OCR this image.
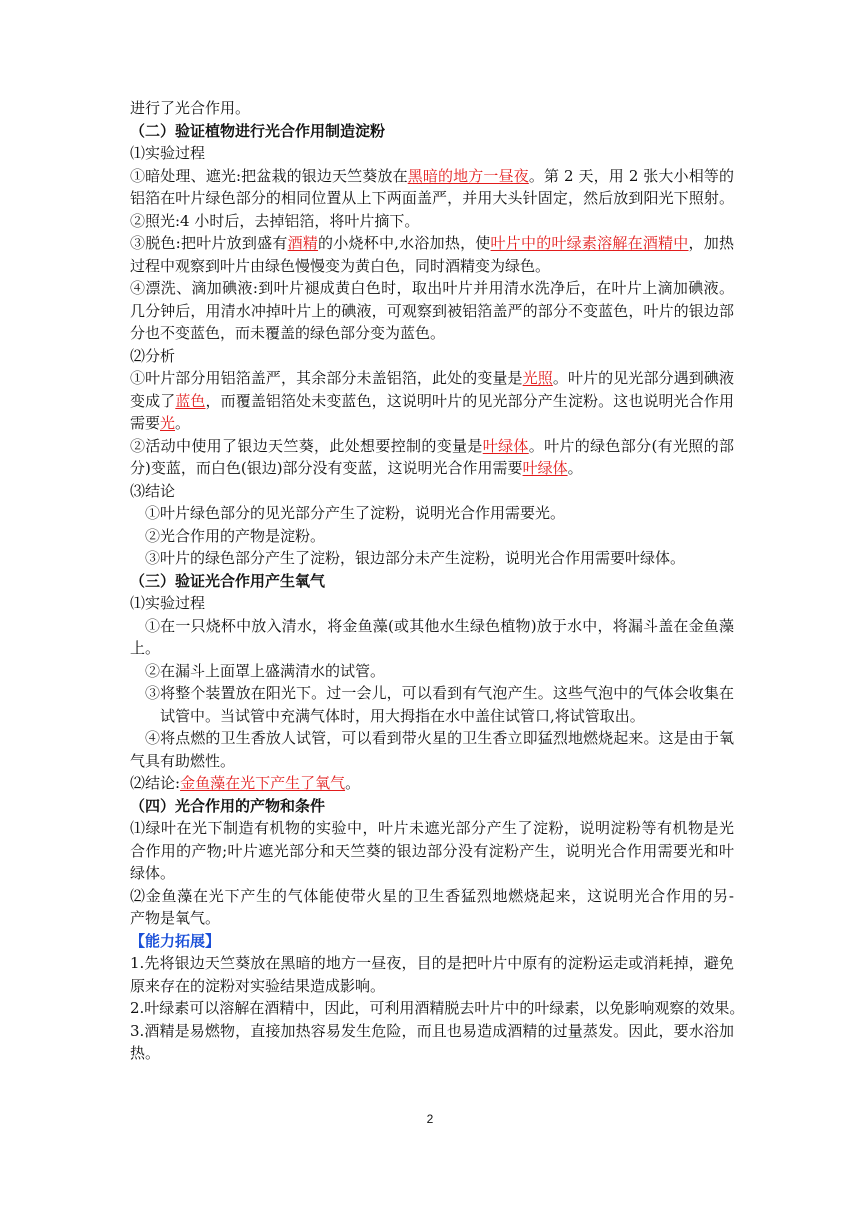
进行了光合作用。
（二）验证植物进行光合作用制造淀粉
⑴实验过程
①暗处理、遮光:把盆栽的银边天竺葵放在黑暗的地方一昼夜。第 2 天，用 2 张大小相等的
铝箔在叶片绿色部分的相同位置从上下两面盖严，并用大头针固定，然后放到阳光下照射。
②照光:4 小时后，去掉铝箔，将叶片摘下。
③脱色:把叶片放到盛有酒精的小烧杯中,水浴加热，使叶片中的叶绿素溶解在酒精中，加热
过程中观察到叶片由绿色慢慢变为黄白色，同时酒精变为绿色。
④漂洗、滴加碘液:到叶片褪成黄白色时，取出叶片并用清水洗净后，在叶片上滴加碘液。
几分钟后，用清水冲掉叶片上的碘液，可观察到被铝箔盖严的部分不变蓝色，叶片的银边部
分也不变蓝色，而未覆盖的绿色部分变为蓝色。
⑵分析
①叶片部分用铝箔盖严，其余部分未盖铝箔，此处的变量是光照。叶片的见光部分遇到碘液
变成了蓝色，而覆盖铝箔处未变蓝色，这说明叶片的见光部分产生淀粉。这也说明光合作用
需要光。
②活动中使用了银边天竺葵，此处想要控制的变量是叶绿体。叶片的绿色部分(有光照的部
分)变蓝，而白色(银边)部分没有变蓝，这说明光合作用需要叶绿体。
⑶结论
①叶片绿色部分的见光部分产生了淀粉，说明光合作用需要光。
②光合作用的产物是淀粉。
③叶片的绿色部分产生了淀粉，银边部分未产生淀粉，说明光合作用需要叶绿体。
（三）验证光合作用产生氧气
⑴实验过程
①在一只烧杯中放入清水，将金鱼藻(或其他水生绿色植物)放于水中，将漏斗盖在金鱼藻
上。
②在漏斗上面罩上盛满清水的试管。
③将整个装置放在阳光下。过一会儿，可以看到有气泡产生。这些气泡中的气体会收集在
试管中。当试管中充满气体时，用大拇指在水中盖住试管口,将试管取出。
④将点燃的卫生香放人试管，可以看到带火星的卫生香立即猛烈地燃烧起来。这是由于氧
气具有助燃性。
⑵结论:金鱼藻在光下产生了氧气。
（四）光合作用的产物和条件
⑴绿叶在光下制造有机物的实验中，叶片未遮光部分产生了淀粉，说明淀粉等有机物是光
合作用的产物;叶片遮光部分和天竺葵的银边部分没有淀粉产生，说明光合作用需要光和叶
绿体。
⑵金鱼藻在光下产生的气体能使带火星的卫生香猛烈地燃烧起来，这说明光合作用的另-
产物是氧气。
【能力拓展】
1.先将银边天竺葵放在黑暗的地方一昼夜，目的是把叶片中原有的淀粉运走或消耗掉，避免
原来存在的淀粉对实验结果造成影响。
2.叶绿素可以溶解在酒精中，因此，可利用酒精脱去叶片中的叶绿素，以免影响观察的效果。
3.酒精是易燃物，直接加热容易发生危险，而且也易造成酒精的过量蒸发。因此，要水浴加
热。
2
